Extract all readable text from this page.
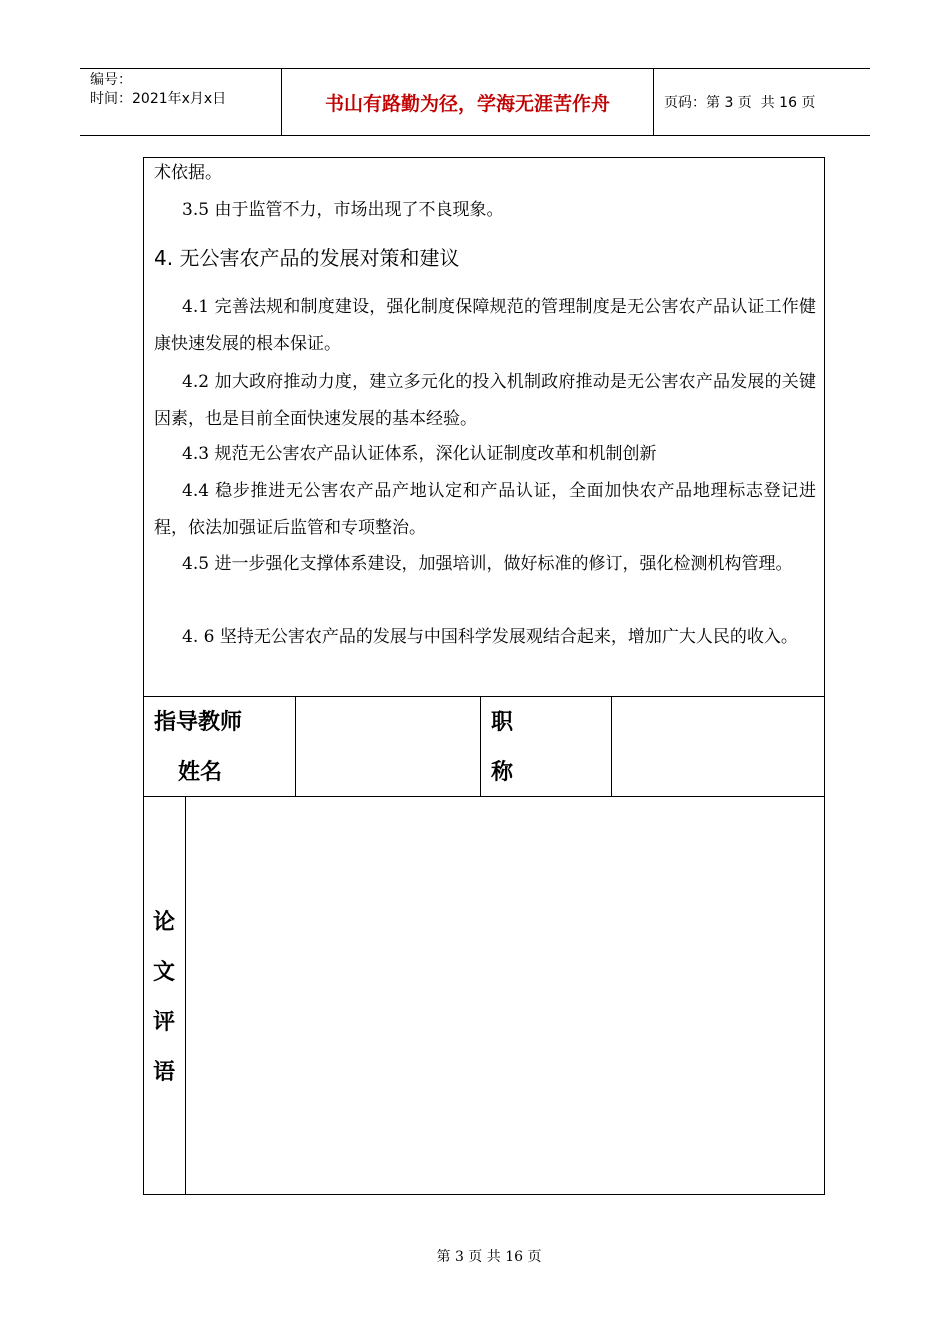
编号：
时间：2021年x月x日	书山有路勤为径，学海无涯苦作舟	页码：第 3 页  共 16 页

术依据。

3.5 由于监管不力，市场出现了不良现象。

4. 无公害农产品的发展对策和建议

4.1 完善法规和制度建设，强化制度保障规范的管理制度是无公害农产品认证工作健康快速发展的根本保证。

4.2 加大政府推动力度，建立多元化的投入机制政府推动是无公害农产品发展的关键因素，也是目前全面快速发展的基本经验。

4.3 规范无公害农产品认证体系，深化认证制度改革和机制创新

4.4 稳步推进无公害农产品产地认定和产品认证，全面加快农产品地理标志登记进程，依法加强证后监管和专项整治。

4.5 进一步强化支撑体系建设，加强培训，做好标准的修订，强化检测机构管理。

4. 6 坚持无公害农产品的发展与中国科学发展观结合起来，增加广大人民的收入。

指导教师
姓名
职
称
论
文
评
语
第 3 页 共 16 页
